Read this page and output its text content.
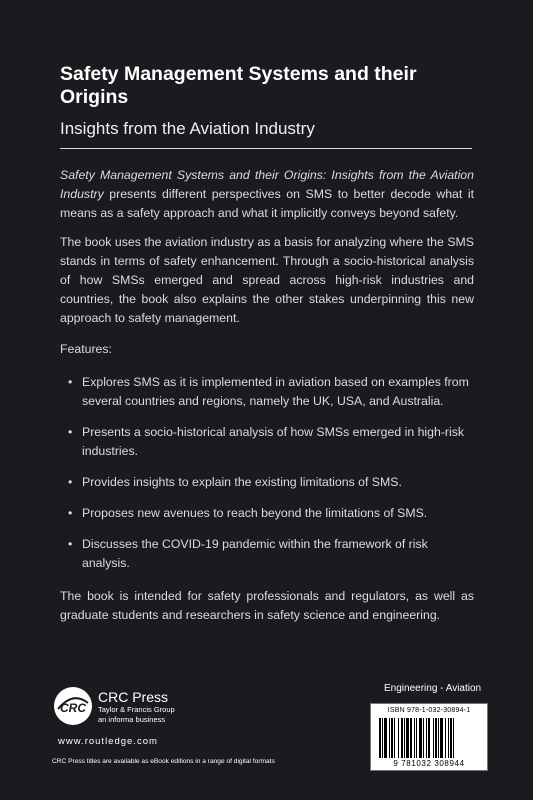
Safety Management Systems and their Origins
Insights from the Aviation Industry

Safety Management Systems and their Origins: Insights from the Aviation Industry presents different perspectives on SMS to better decode what it means as a safety approach and what it implicitly conveys beyond safety.

The book uses the aviation industry as a basis for analyzing where the SMS stands in terms of safety enhancement. Through a socio-historical analysis of how SMSs emerged and spread across high-risk industries and countries, the book also explains the other stakes underpinning this new approach to safety management.

Features:

• Explores SMS as it is implemented in aviation based on examples from several countries and regions, namely the UK, USA, and Australia.
• Presents a socio-historical analysis of how SMSs emerged in high-risk industries.
• Provides insights to explain the existing limitations of SMS.
• Proposes new avenues to reach beyond the limitations of SMS.
• Discusses the COVID-19 pandemic within the framework of risk analysis.

The book is intended for safety professionals and regulators, as well as graduate students and researchers in safety science and engineering.

Engineering - Aviation
ISBN 978-1-032-30894-1
9 781032 308944
CRC
CRC Press
Taylor & Francis Group
an informa business
www.routledge.com
CRC Press titles are available as eBook editions in a range of digital formats
